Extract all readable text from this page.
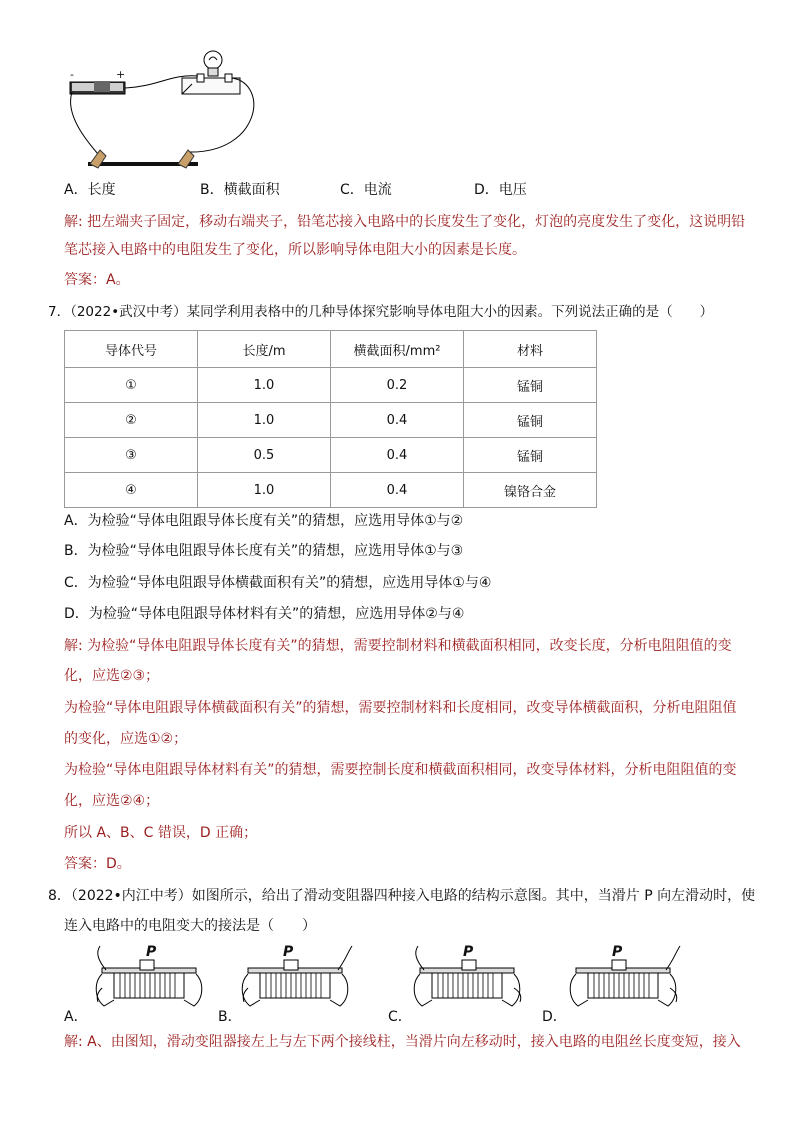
-	+
A．长度	B．横截面积	C．电流	D．电压
解: 把左端夹子固定，移动右端夹子，铅笔芯接入电路中的长度发生了变化，灯泡的亮度发生了变化，这说明铅
笔芯接入电路中的电阻发生了变化，所以影响导体电阻大小的因素是长度。
答案：A。
7．（2022•武汉中考）某同学利用表格中的几种导体探究影响导体电阻大小的因素。下列说法正确的是（　　）
导体代号	长度/m	横截面积/mm²	材料
①	1.0	0.2	锰铜
②	1.0	0.4	锰铜
③	0.5	0.4	锰铜
④	1.0	0.4	镍铬合金
A．为检验“导体电阻跟导体长度有关”的猜想，应选用导体①与②
B．为检验“导体电阻跟导体长度有关”的猜想，应选用导体①与③
C．为检验“导体电阻跟导体横截面积有关”的猜想，应选用导体①与④
D．为检验“导体电阻跟导体材料有关”的猜想，应选用导体②与④
解: 为检验“导体电阻跟导体长度有关”的猜想，需要控制材料和横截面积相同，改变长度，分析电阻阻值的变
化，应选②③；
为检验“导体电阻跟导体横截面积有关”的猜想，需要控制材料和长度相同，改变导体横截面积，分析电阻阻值
的变化，应选①②；
为检验“导体电阻跟导体材料有关”的猜想，需要控制长度和横截面积相同，改变导体材料，分析电阻阻值的变
化，应选②④；
所以 A、B、C 错误，D 正确；
答案：D。
8．（2022•内江中考）如图所示，给出了滑动变阻器四种接入电路的结构示意图。其中，当滑片 P 向左滑动时，使
连入电路中的电阻变大的接法是（　　）
P	P	P	P
A．	B．	C．	D．
解: A、由图知，滑动变阻器接左上与左下两个接线柱，当滑片向左移动时，接入电路的电阻丝长度变短，接入
